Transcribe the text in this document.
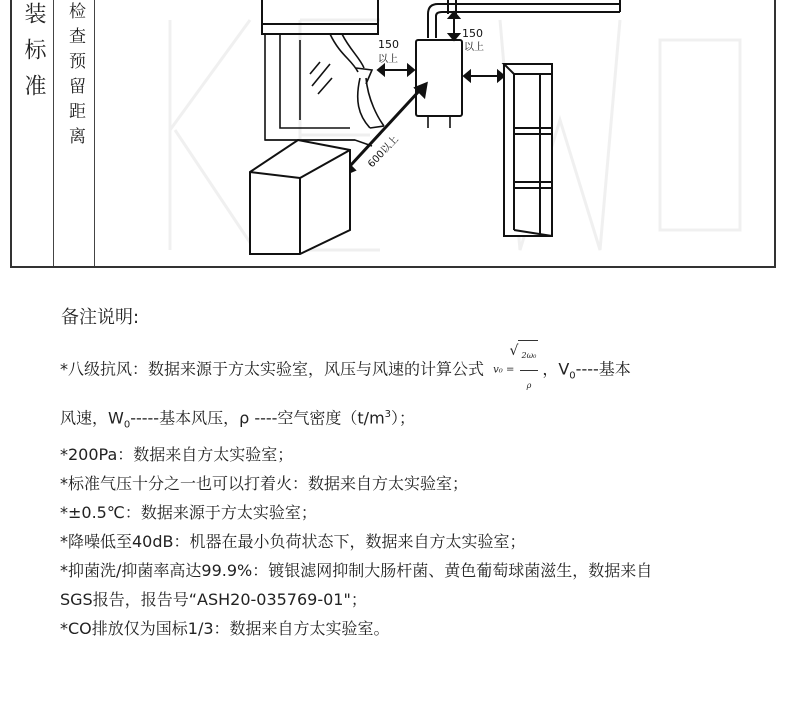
装标准	检查预留距离	150
以上
150
以上
600以上
备注说明:
*八级抗风：数据来源于方太实验室，风压与风速的计算公式 v₀ =
√ $\frac{\text{2ω₀}}{\rho}$ ，$V_0----$基本
风速，$W_0-----$基本风压，ρ ----空气密度$(t/m^3)$；
*200Pa：数据来自方太实验室；
*标准气压十分之一也可以打着火：数据来自方太实验室；
*±0.5℃：数据来源于方太实验室；
*降噪低至40dB：机器在最小负荷状态下，数据来自方太实验室；
*抑菌洗/抑菌率高达99.9%：镀银滤网抑制大肠杆菌、黄色葡萄球菌滋生，数据来自
SGS报告，报告号“ASH20-035769-01"；
*CO排放仅为国标1/3：数据来自方太实验室。
